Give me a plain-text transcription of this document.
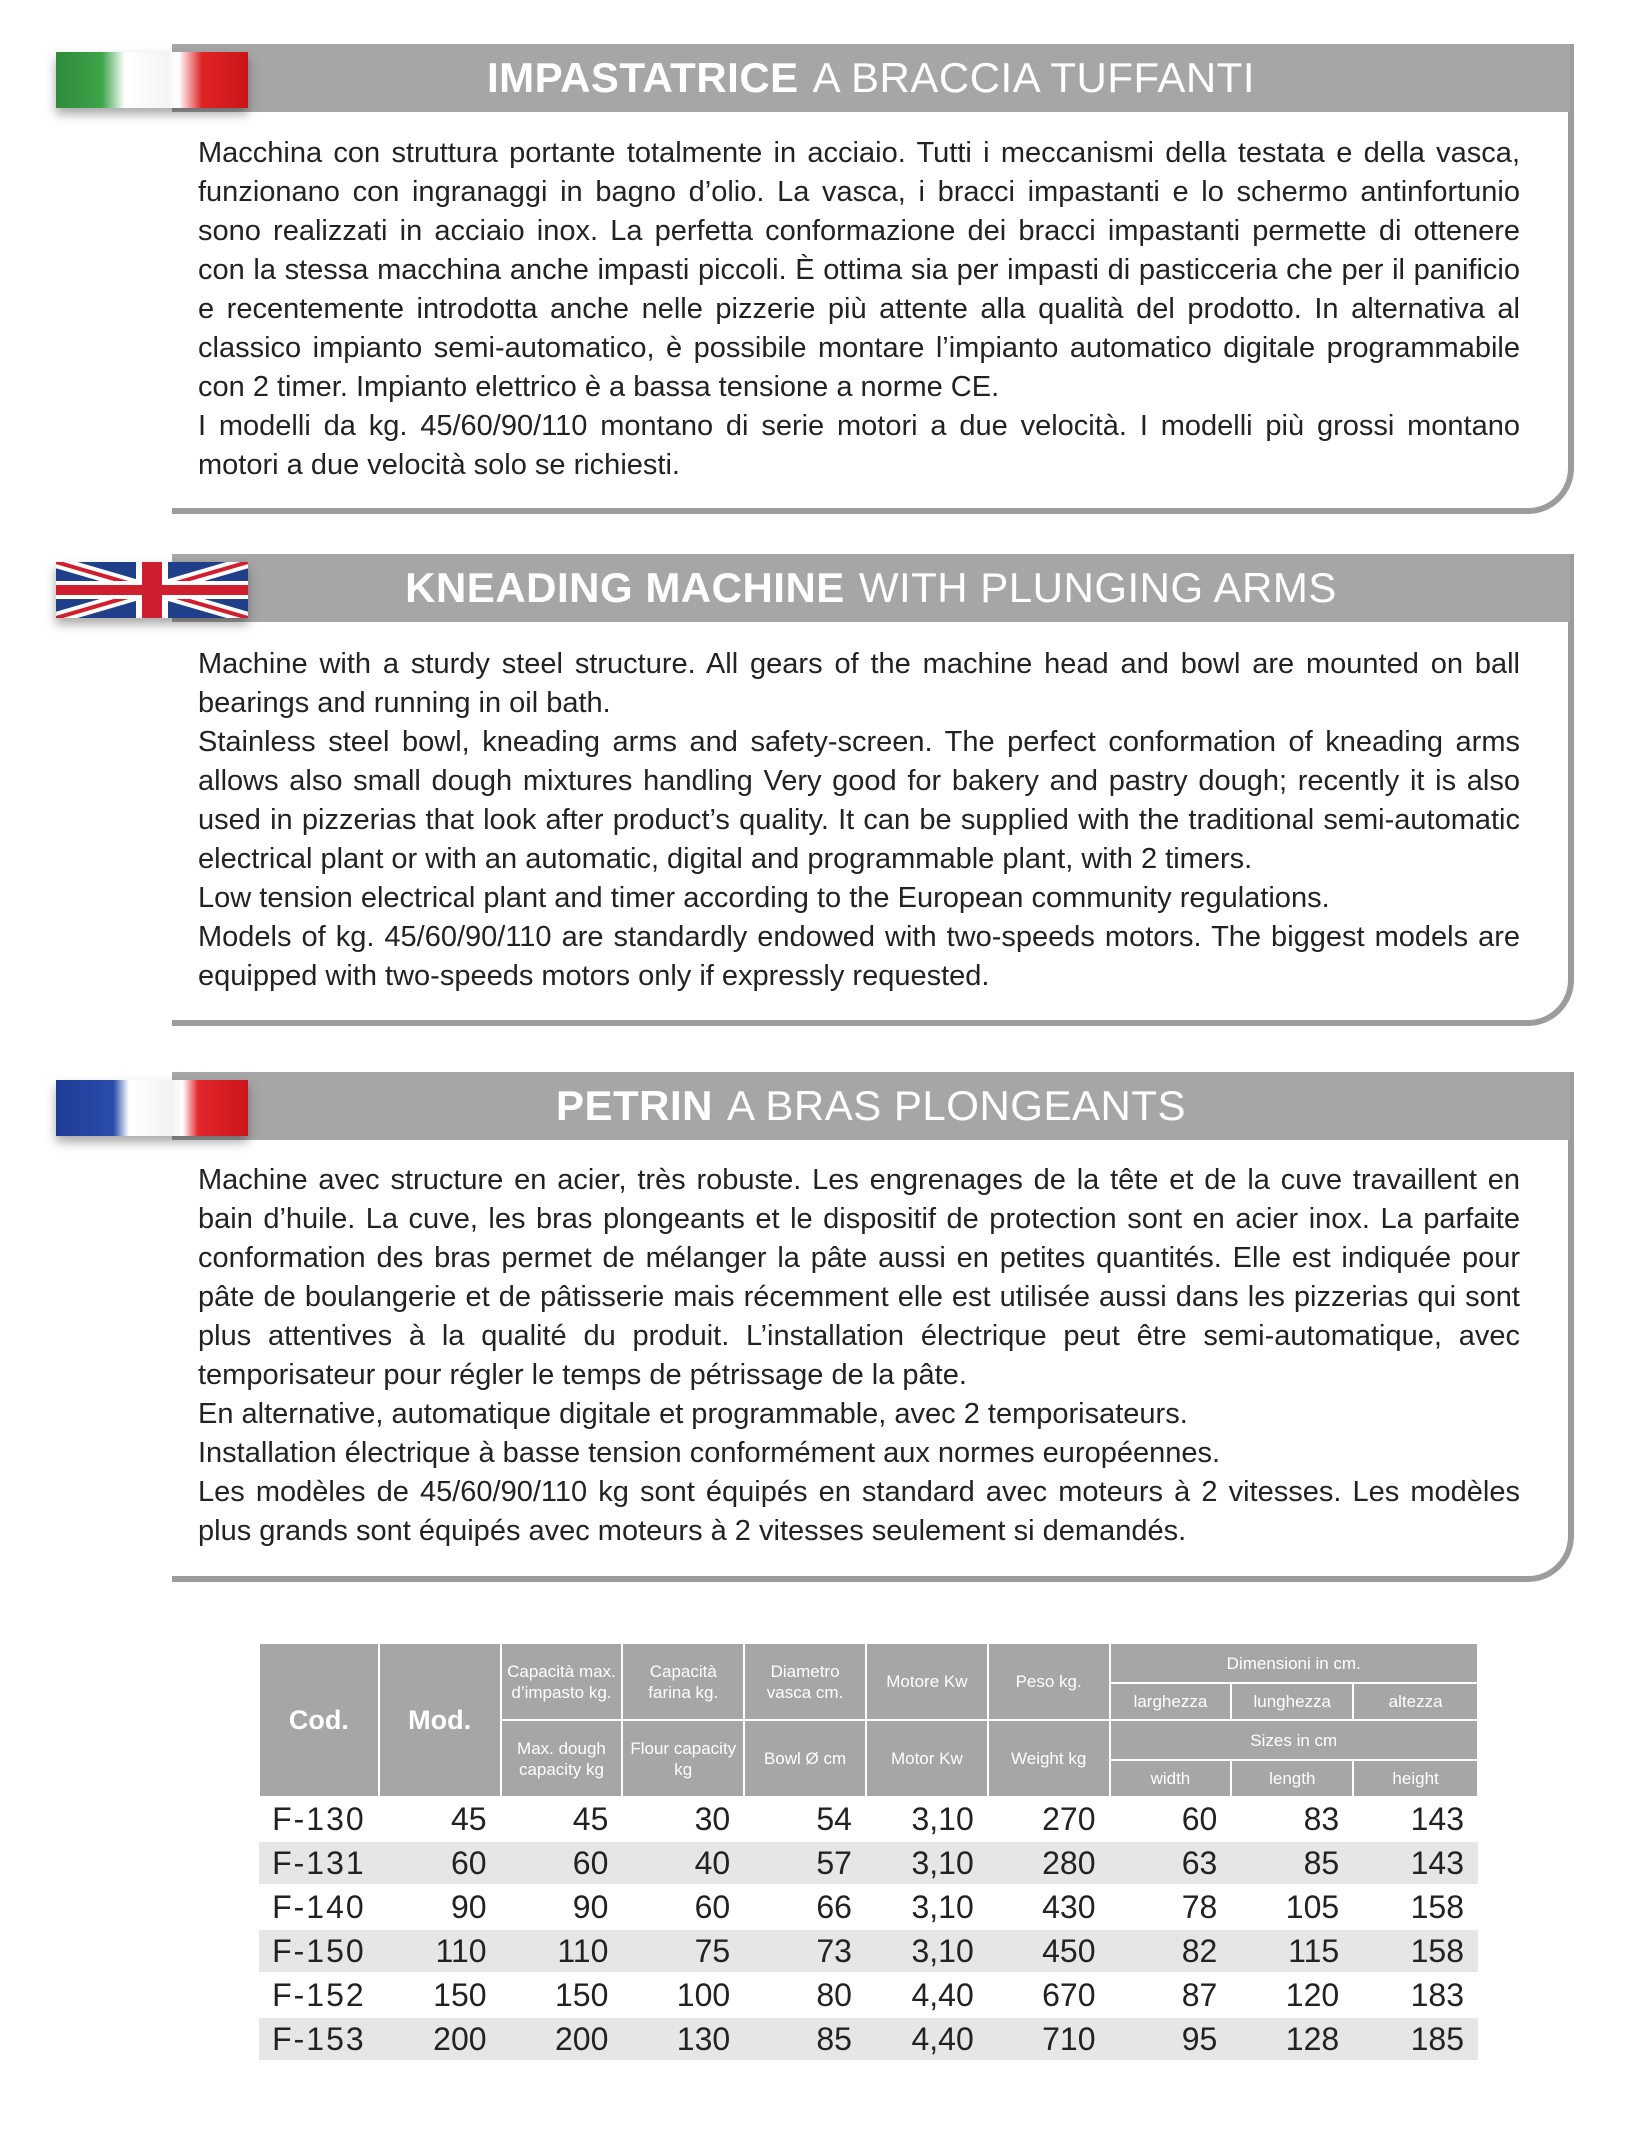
IMPASTATRICE A BRACCIA TUFFANTI

Macchina con struttura portante totalmente in acciaio. Tutti i meccanismi della testata e della vasca, funzionano con ingranaggi in bagno d’olio. La vasca, i bracci impastanti e lo schermo antinfortunio sono realizzati in acciaio inox. La perfetta conformazione dei bracci impastanti permette di ottenere con la stessa macchina anche impasti piccoli. È ottima sia per impasti di pasticceria che per il panificio e recentemente introdotta anche nelle pizzerie più attente alla qualità del prodotto. In alternativa al classico impianto semi-automatico, è possibile montare l’impianto automatico digitale programmabile con 2 timer. Impianto elettrico è a bassa tensione a norme CE.

I modelli da kg. 45/60/90/110 montano di serie motori a due velocità. I modelli più grossi montano motori a due velocità solo se richiesti.

KNEADING MACHINE WITH PLUNGING ARMS

Machine with a sturdy steel structure. All gears of the machine head and bowl are mounted on ball bearings and running in oil bath.

Stainless steel bowl, kneading arms and safety-screen. The perfect conformation of kneading arms allows also small dough mixtures handling Very good for bakery and pastry dough; recently it is also used in pizzerias that look after product’s quality. It can be supplied with the traditional semi-automatic electrical plant or with an automatic, digital and programmable plant, with 2 timers.

Low tension electrical plant and timer according to the European community regulations.

Models of kg. 45/60/90/110 are standardly endowed with two-speeds motors. The biggest models are equipped with two-speeds motors only if expressly requested.

PETRIN A BRAS PLONGEANTS

Machine avec structure en acier, très robuste. Les engrenages de la tête et de la cuve travaillent en bain d’huile. La cuve, les bras plongeants et le dispositif de protection sont en acier inox. La parfaite conformation des bras permet de mélanger la pâte aussi en petites quantités. Elle est indiquée pour pâte de boulangerie et de pâtisserie mais récemment elle est utilisée aussi dans les pizzerias qui sont plus attentives à la qualité du produit. L’installation électrique peut être semi-automatique, avec temporisateur pour régler le temps de pétrissage de la pâte.

En alternative, automatique digitale et programmable, avec 2 temporisateurs.

Installation électrique à basse tension conformément aux normes européennes.

Les modèles de 45/60/90/110 kg sont équipés en standard avec moteurs à 2 vitesses. Les modèles plus grands sont équipés avec moteurs à 2 vitesses seulement si demandés.

Cod.	Mod.	Capacità max. d’impasto kg.	Capacità farina kg.	Diametro vasca cm.	Motore Kw	Peso kg.	Dimensioni in cm.		
							larghezza	lunghezza	altezza
		Max. dough capacity kg	Flour capacity kg	Bowl Ø cm	Motor Kw	Weight kg	Sizes in cm		
							width	length	height
F-130	45	45	30	54	3,10	270	60	83	143
F-131	60	60	40	57	3,10	280	63	85	143
F-140	90	90	60	66	3,10	430	78	105	158
F-150	110	110	75	73	3,10	450	82	115	158
F-152	150	150	100	80	4,40	670	87	120	183
F-153	200	200	130	85	4,40	710	95	128	185
